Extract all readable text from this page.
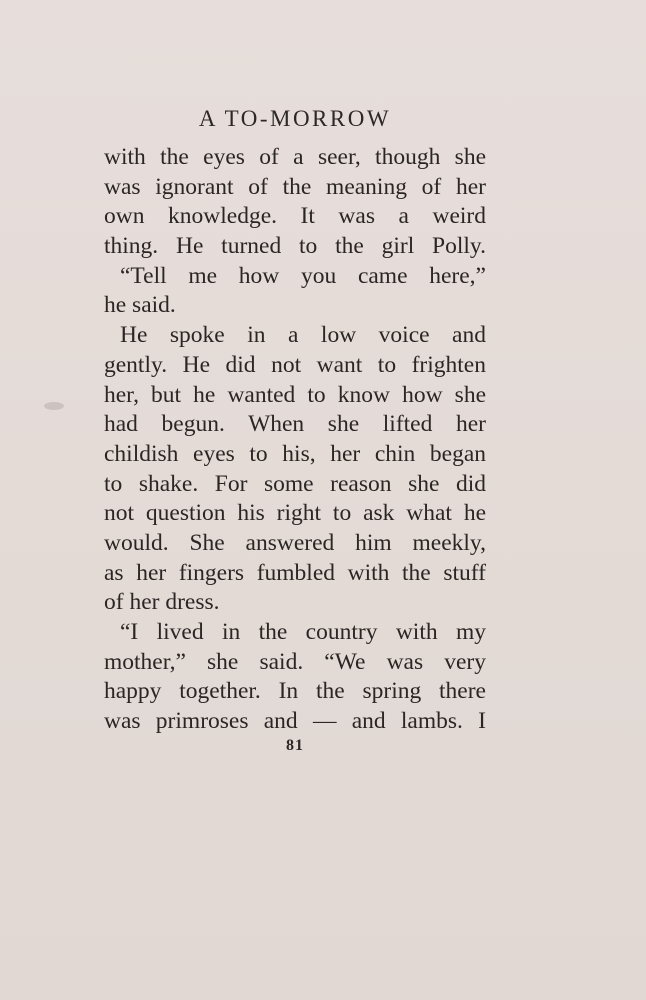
A TO-MORROW
with the eyes of a seer, though she
was ignorant of the meaning of her
own knowledge. It was a weird
thing. He turned to the girl Polly.
“Tell me how you came here,”
he said.
He spoke in a low voice and
gently. He did not want to frighten
her, but he wanted to know how she
had begun. When she lifted her
childish eyes to his, her chin began
to shake. For some reason she did
not question his right to ask what he
would. She answered him meekly,
as her fingers fumbled with the stuff
of her dress.
“I lived in the country with my
mother,” she said. “We was very
happy together. In the spring there
was primroses and — and lambs. I
81
